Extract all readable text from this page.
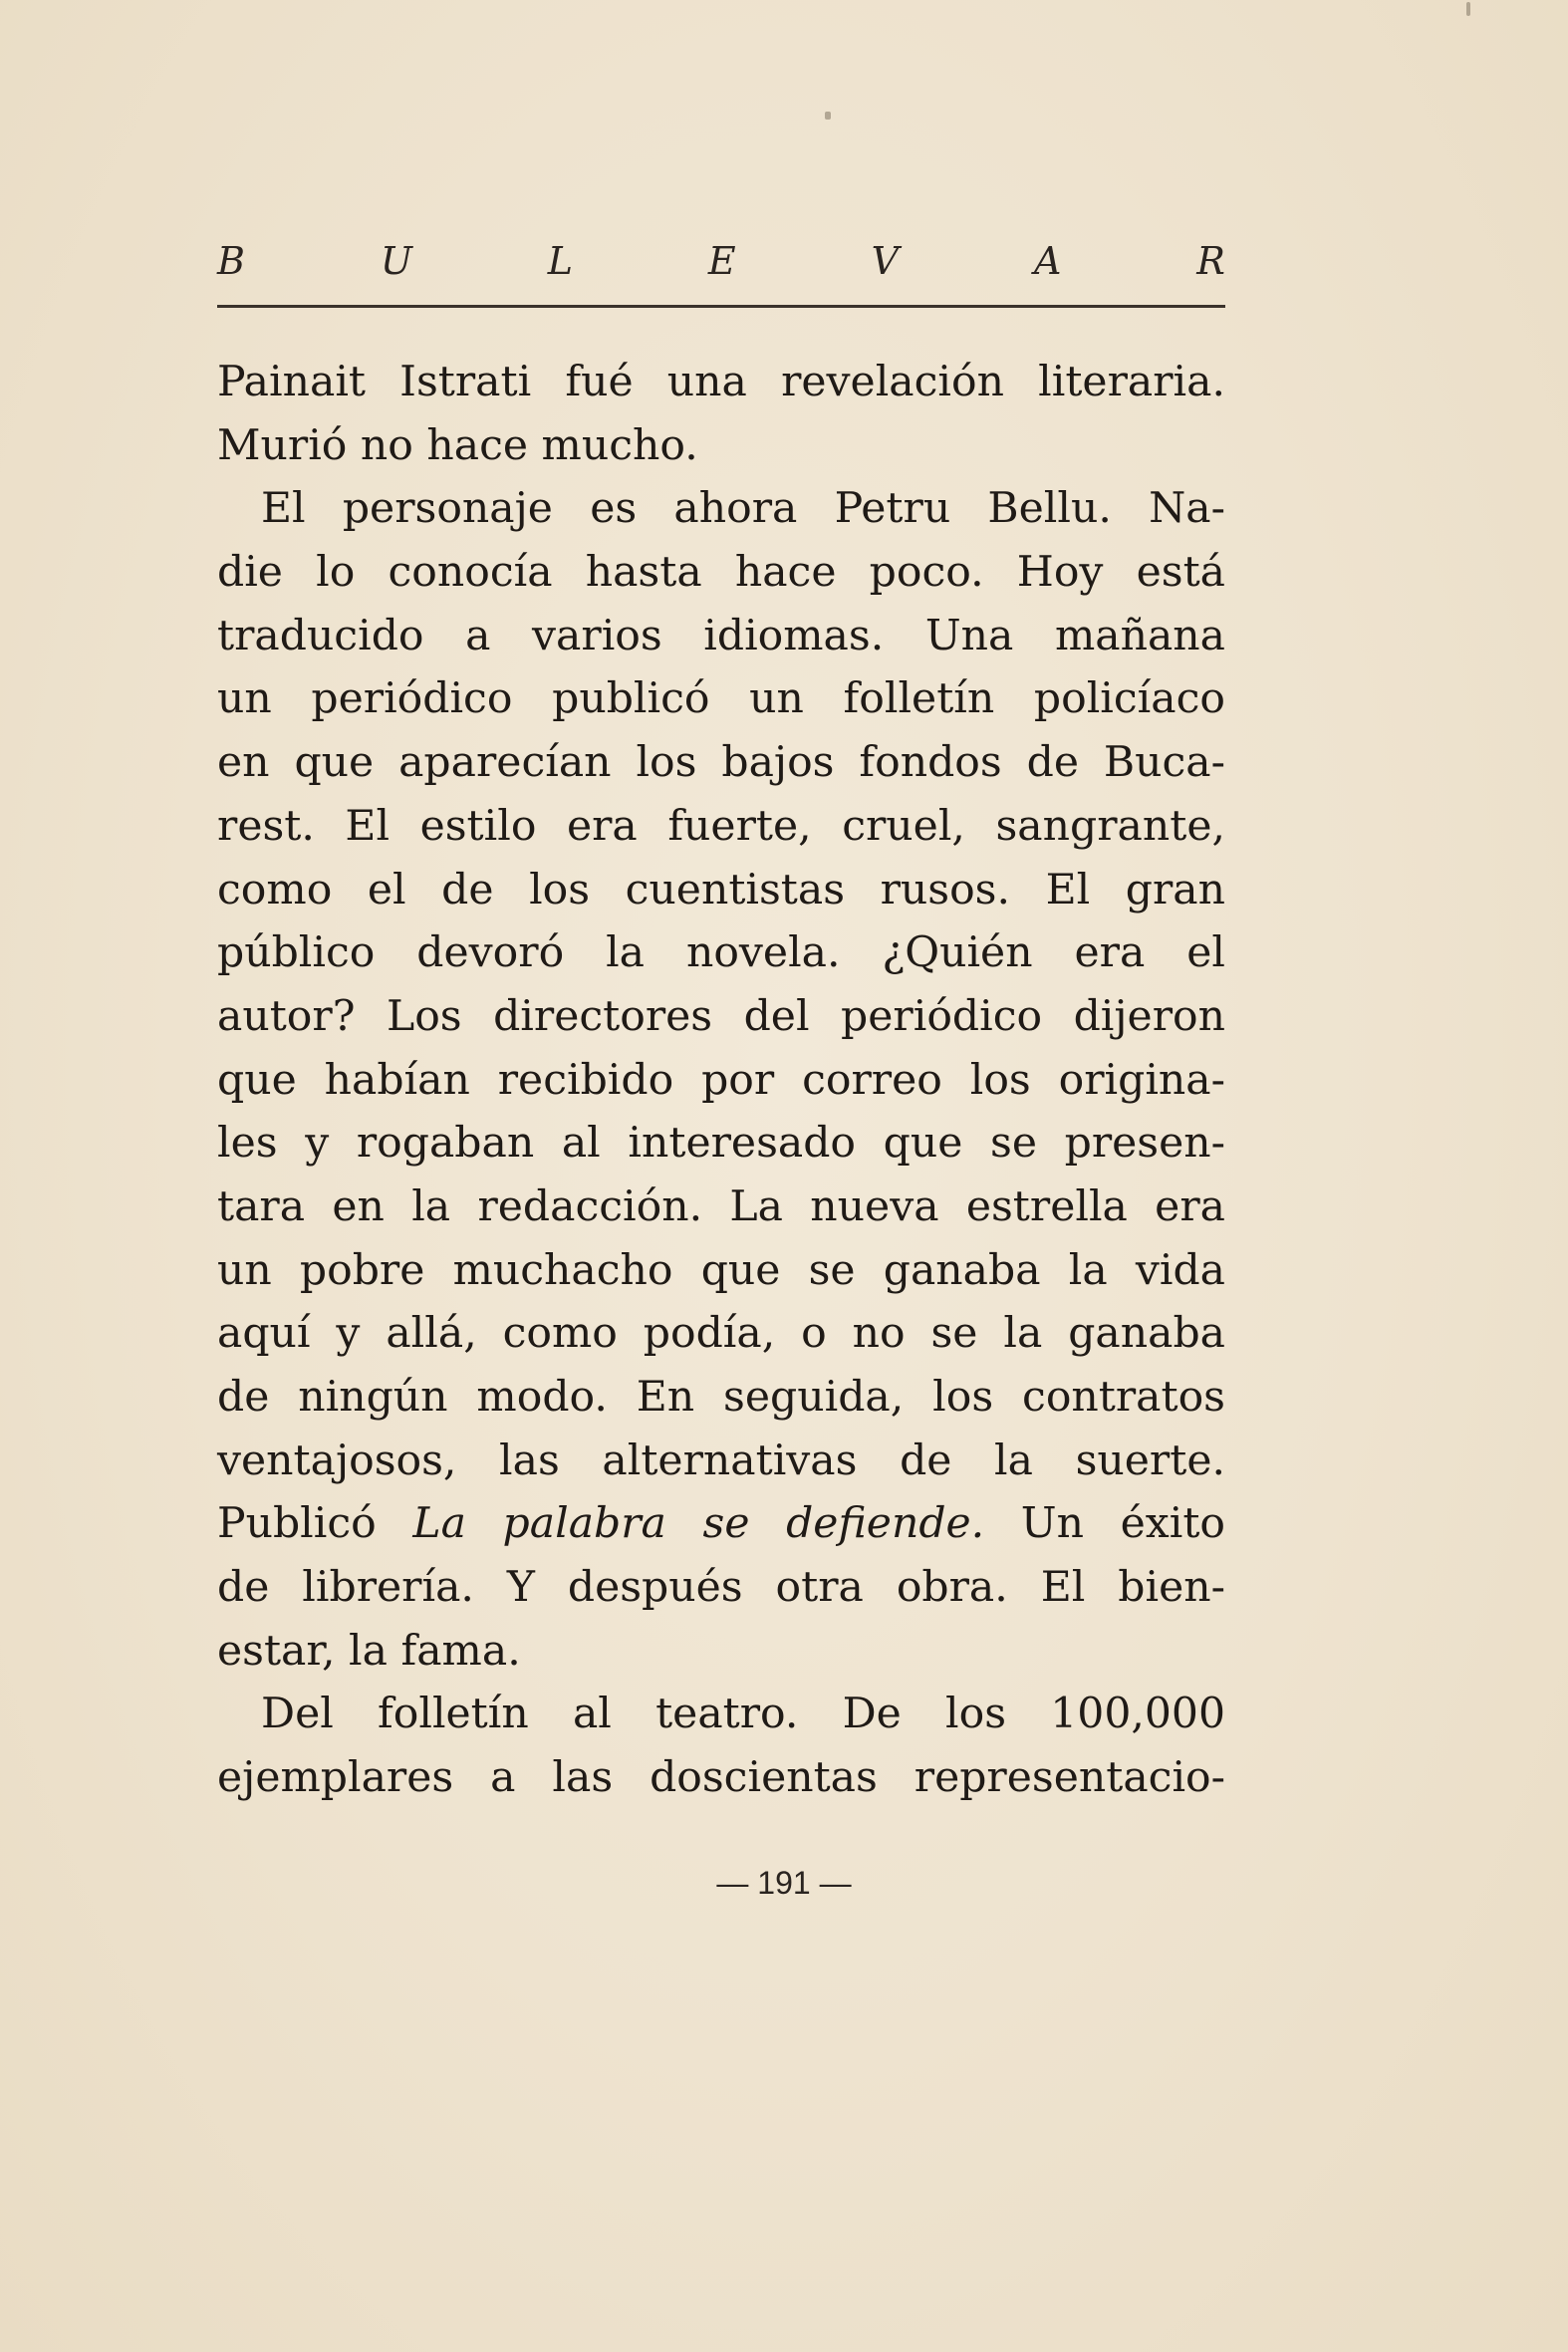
B	U	L	E	V	A	R
Painait Istrati fué una revelación literaria.
Murió no hace mucho.
El personaje es ahora Petru Bellu. Na-
die lo conocía hasta hace poco. Hoy está
traducido a varios idiomas. Una mañana
un periódico publicó un folletín policíaco
en que aparecían los bajos fondos de Buca-
rest. El estilo era fuerte, cruel, sangrante,
como el de los cuentistas rusos. El gran
público devoró la novela. ¿Quién era el
autor? Los directores del periódico dijeron
que habían recibido por correo los origina-
les y rogaban al interesado que se presen-
tara en la redacción. La nueva estrella era
un pobre muchacho que se ganaba la vida
aquí y allá, como podía, o no se la ganaba
de ningún modo. En seguida, los contratos
ventajosos, las alternativas de la suerte.
Publicó La palabra se defiende. Un éxito
de librería. Y después otra obra. El bien-
estar, la fama.
Del folletín al teatro. De los 100,000
ejemplares a las doscientas representacio-
— 191 —
